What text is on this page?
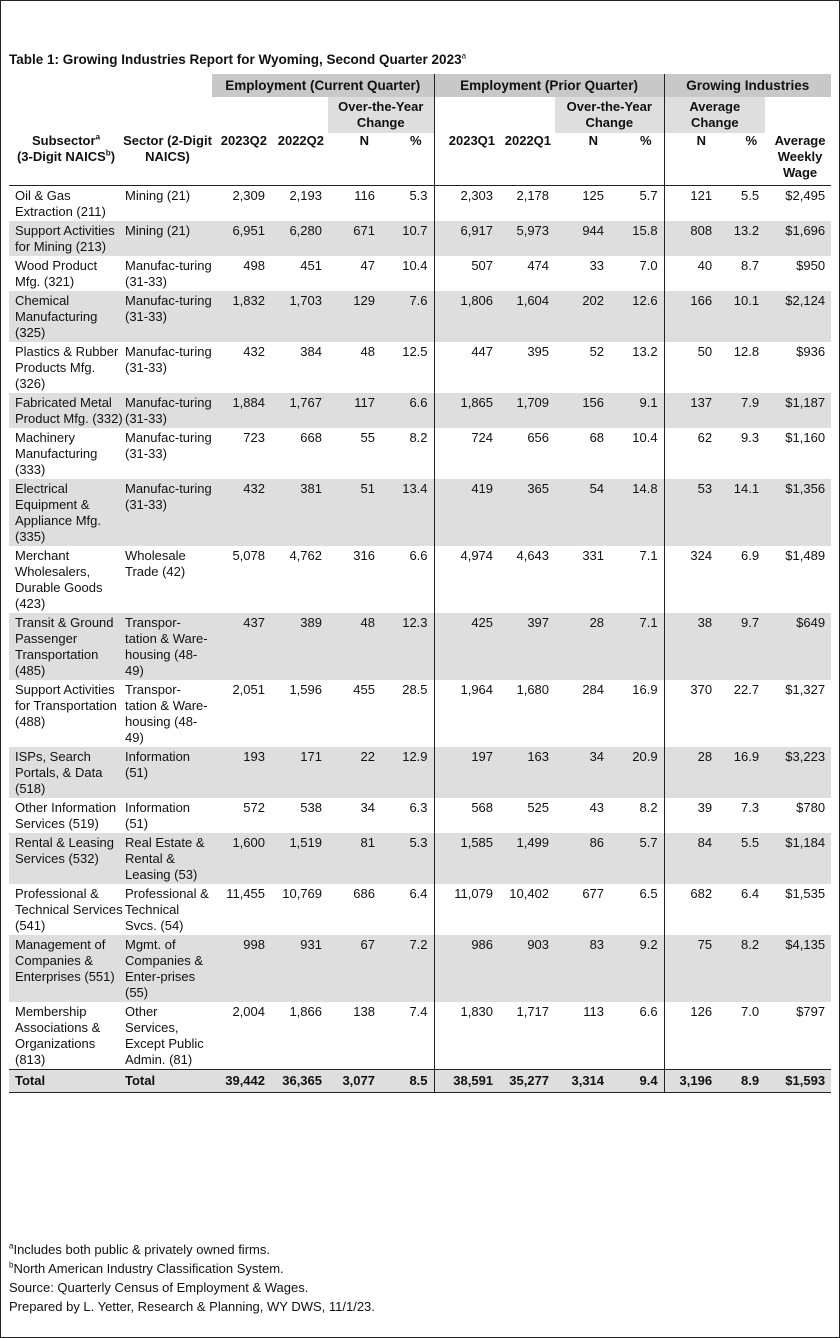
Table 1: Growing Industries Report for Wyoming, Second Quarter 2023$^a$
		Employment (Current Quarter)				Employment (Prior Quarter)				Growing Industries		
				Over-the-Year Change				Over-the-Year Change		Average Change		
Subsector$^a$
(3-Digit NAICS$^b$)	Sector (2-Digit NAICS)	2023Q2	2022Q2	N	%	2023Q1	2022Q1	N	%	N	%	Average Weekly Wage
Oil & Gas Extraction (211)	Mining (21)	2,309	2,193	116	5.3	2,303	2,178	125	5.7	121	5.5	$2,495
Support Activities for Mining (213)	Mining (21)	6,951	6,280	671	10.7	6,917	5,973	944	15.8	808	13.2	$1,696
Wood Product Mfg. (321)	Manufac-turing (31-33)	498	451	47	10.4	507	474	33	7.0	40	8.7	$950
Chemical Manufacturing (325)	Manufac-turing (31-33)	1,832	1,703	129	7.6	1,806	1,604	202	12.6	166	10.1	$2,124
Plastics & Rubber Products Mfg. (326)	Manufac-turing (31-33)	432	384	48	12.5	447	395	52	13.2	50	12.8	$936
Fabricated Metal Product Mfg. (332)	Manufac-turing (31-33)	1,884	1,767	117	6.6	1,865	1,709	156	9.1	137	7.9	$1,187
Machinery Manufacturing (333)	Manufac-turing (31-33)	723	668	55	8.2	724	656	68	10.4	62	9.3	$1,160
Electrical Equipment & Appliance Mfg. (335)	Manufac-turing (31-33)	432	381	51	13.4	419	365	54	14.8	53	14.1	$1,356
Merchant Wholesalers, Durable Goods (423)	Wholesale Trade (42)	5,078	4,762	316	6.6	4,974	4,643	331	7.1	324	6.9	$1,489
Transit & Ground Passenger Transportation (485)	Transpor-tation & Ware-housing (48-49)	437	389	48	12.3	425	397	28	7.1	38	9.7	$649
Support Activities for Transportation (488)	Transpor-tation & Ware-housing (48-49)	2,051	1,596	455	28.5	1,964	1,680	284	16.9	370	22.7	$1,327
ISPs, Search Portals, & Data (518)	Information (51)	193	171	22	12.9	197	163	34	20.9	28	16.9	$3,223
Other Information Services (519)	Information (51)	572	538	34	6.3	568	525	43	8.2	39	7.3	$780
Rental & Leasing Services (532)	Real Estate & Rental & Leasing (53)	1,600	1,519	81	5.3	1,585	1,499	86	5.7	84	5.5	$1,184
Professional & Technical Services (541)	Professional & Technical Svcs. (54)	11,455	10,769	686	6.4	11,079	10,402	677	6.5	682	6.4	$1,535
Management of Companies & Enterprises (551)	Mgmt. of Companies & Enter-prises (55)	998	931	67	7.2	986	903	83	9.2	75	8.2	$4,135
Membership Associations & Organizations (813)	Other Services, Except Public Admin. (81)	2,004	1,866	138	7.4	1,830	1,717	113	6.6	126	7.0	$797
Total	Total	39,442	36,365	3,077	8.5	38,591	35,277	3,314	9.4	3,196	8.9	$1,593
$^a$Includes both public & privately owned firms.
$^b$North American Industry Classification System.
Source: Quarterly Census of Employment & Wages.
Prepared by L. Yetter, Research & Planning, WY DWS, 11/1/23.
